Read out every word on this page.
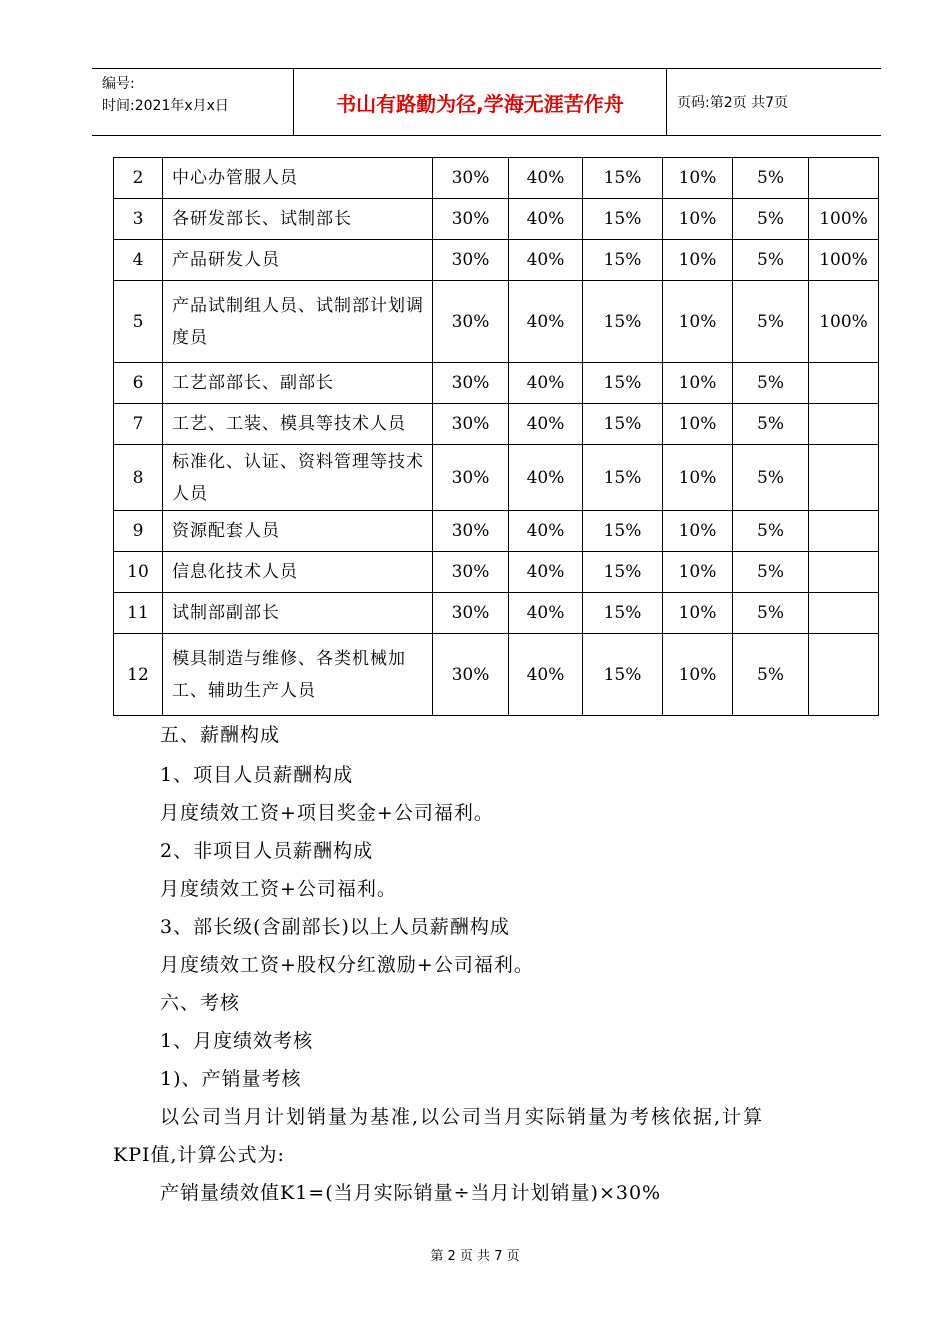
编号:
时间:2021年x月x日	书山有路勤为径,学海无涯苦作舟	页码:第2页 共7页
2	中心办管服人员	30%	40%	15%	10%	5%	
3	各研发部长、试制部长	30%	40%	15%	10%	5%	100%
4	产品研发人员	30%	40%	15%	10%	5%	100%
5	产品试制组人员、试制部计划调度员	30%	40%	15%	10%	5%	100%
6	工艺部部长、副部长	30%	40%	15%	10%	5%	
7	工艺、工装、模具等技术人员	30%	40%	15%	10%	5%	
8	标准化、认证、资料管理等技术人员	30%	40%	15%	10%	5%	
9	资源配套人员	30%	40%	15%	10%	5%	
10	信息化技术人员	30%	40%	15%	10%	5%	
11	试制部副部长	30%	40%	15%	10%	5%	
12	模具制造与维修、各类机械加工、辅助生产人员	30%	40%	15%	10%	5%	

五、薪酬构成

1、项目人员薪酬构成

月度绩效工资+项目奖金+公司福利。

2、非项目人员薪酬构成

月度绩效工资+公司福利。

3、部长级(含副部长)以上人员薪酬构成

月度绩效工资+股权分红激励+公司福利。

六、考核

1、月度绩效考核

1)、产销量考核

以公司当月计划销量为基准,以公司当月实际销量为考核依据,计算

KPI值,计算公式为:

产销量绩效值K1=(当月实际销量÷当月计划销量)×30%

第 2 页 共 7 页
